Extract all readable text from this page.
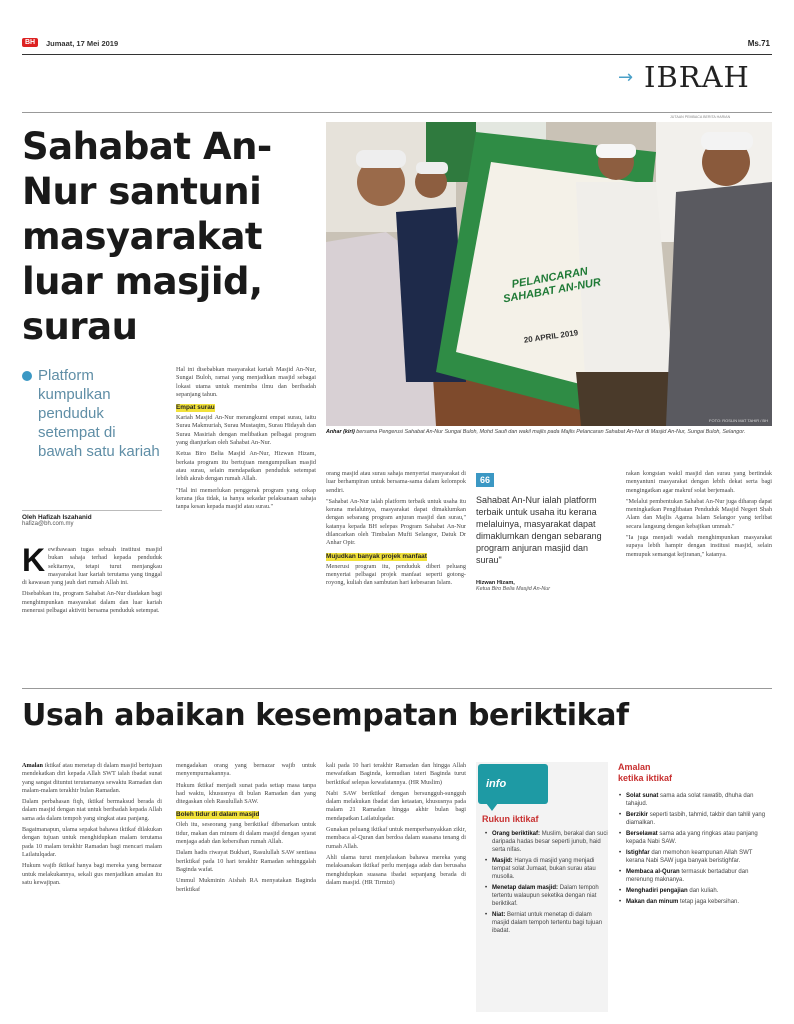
BH	Jumaat, 17 Mei 2019	Ms.71
→ IBRAH
JUTAAN PEMBACA BERITA HARIAN
Sahabat An-Nur santuni masyarakat luar masjid, surau
Platform kumpulkan penduduk setempat di bawah satu kariah
Oleh Hafizah Iszahanid
hafiza@bh.com.my
K ewibawaan tugas sebuah institusi masjid bukan sahaja terhad kepada penduduk sekitarnya, tetapi turut menjangkau masyarakat luar kariah terutama yang tinggal di kawasan yang jauh dari rumah Allah ini.

Disebabkan itu, program Sahabat An-Nur diadakan bagi menghimpunkan masyarakat dalam dan luar kariah menerusi pelbagai aktiviti bersama penduduk setempat.

Hal ini disebabkan masyarakat kariah Masjid An-Nur, Sungai Buloh, ramai yang menjadikan masjid sebagai lokasi utama untuk menimba ilmu dan beribadah sepanjang tahun.

Empat surau

Kariah Masjid An-Nur merangkumi empat surau, iaitu Surau Makmuriah, Surau Mustaqim, Surau Hidayah dan Surau Masiriah dengan melibatkan pelbagai program yang dianjurkan oleh Sahabat An-Nur.

Ketua Biro Belia Masjid An-Nur, Hizwan Hizam, berkata program itu bertujuan mengumpulkan masjid atau surau, selain mendapatkan penduduk setempat lebih akrab dengan rumah Allah.

"Hal ini memerlukan penggerak program yang cekap kerana jika tidak, ia hanya sekadar pelaksanaan sahaja tanpa kesan kepada masjid atau surau."

PELANCARAN SAHABAT AN-NUR
20 APRIL 2019
FOTO: ROSLIN MAT TAHIR / BH
Anhar (kiri) bersama Pengerusi Sahabat An-Nur Sungai Buloh, Mohd Saufi dan wakil majlis pada Majlis Pelancaran Sahabat An-Nur di Masjid An-Nur, Sungai Buloh, Selangor.

orang masjid atau surau sahaja menyertai masyarakat di luar berhampiran untuk bersama-sama dalam kelompok sendiri.

"Sahabat An-Nur ialah platform terbaik untuk usaha itu kerana melaluinya, masyarakat dapat dimaklumkan dengan sebarang program anjuran masjid dan surau," katanya kepada BH selepas Program Sahabat An-Nur dilancarkan oleh Timbalan Mufti Selangor, Datuk Dr Anhar Opir.

Mujudkan banyak projek manfaat

Menerusi program itu, penduduk diberi peluang menyertai pelbagai projek manfaat seperti gotong-royong, kuliah dan sambutan hari kebesaran Islam.

66
Sahabat An-Nur ialah platform terbaik untuk usaha itu kerana melaluinya, masyarakat dapat dimaklumkan dengan sebarang program anjuran masjid dan surau"
Hizwan Hizam,
Ketua Biro Belia Masjid An-Nur

rakan kongsian wakil masjid dan surau yang bertindak menyantuni masyarakat dengan lebih dekat serta bagi mengingatkan agar makruf solat berjemaah.

"Melalui pembentukan Sahabat An-Nur juga diharap dapat meningkatkan Penglibatan Penduduk Masjid Negeri Shah Alam dan Majlis Agama Islam Selangor yang terlibat secara langsung dengan kebajikan ummah."

"Ia juga menjadi wadah menghimpunkan masyarakat supaya lebih hampir dengan institusi masjid, selain memupuk semangat kejiranan," katanya.

Usah abaikan kesempatan beriktikaf

Amalan iktikaf atau menetap di dalam masjid bertujuan mendekatkan diri kepada Allah SWT ialah ibadat sunat yang sangat dituntut terutamanya sewaktu Ramadan dan malam-malam terakhir bulan Ramadan.

Dalam perbahasan fiqh, iktikaf bermaksud berada di dalam masjid dengan niat untuk beribadah kepada Allah sama ada dalam tempoh yang singkat atau panjang.

Bagaimanapun, ulama sepakat bahawa iktikaf dilakukan dengan tujuan untuk menghidupkan malam terutama pada 10 malam terakhir Ramadan bagi mencari malam Lailatulqadar.

Hukum wajib iktikaf hanya bagi mereka yang bernazar untuk melakukannya, sekali gus menjadikan amalan itu satu kewajipan.

mengadakan orang yang bernazar wajib untuk menyempurnakannya.

Hukum iktikaf menjadi sunat pada setiap masa tanpa had waktu, khususnya di bulan Ramadan dan yang ditegaskan oleh Rasulullah SAW.

Boleh tidur di dalam masjid

Oleh itu, seseorang yang beriktikaf dibenarkan untuk tidur, makan dan minum di dalam masjid dengan syarat menjaga adab dan kebersihan rumah Allah.

Dalam hadis riwayat Bukhari, Rasulullah SAW sentiasa beriktikaf pada 10 hari terakhir Ramadan sehinggalah Baginda wafat.

Ummul Mukminin Aishah RA menyatakan Baginda beriktikaf

kali pada 10 hari terakhir Ramadan dan hingga Allah mewafatkan Baginda, kemudian isteri Baginda turut beriktikaf selepas kewafatannya. (HR Muslim)

Nabi SAW beriktikaf dengan bersungguh-sungguh dalam melakukan ibadat dan ketaatan, khususnya pada malam 21 Ramadan hingga akhir bulan bagi mendapatkan Lailatulqadar.

Gunakan peluang iktikaf untuk memperbanyakkan zikir, membaca al-Quran dan berdoa dalam suasana tenang di rumah Allah.

Ahli ulama turut menjelaskan bahawa mereka yang melaksanakan iktikaf perlu menjaga adab dan berusaha menghidupkan suasana ibadat sepanjang berada di dalam masjid. (HR Tirmizi)

info
Rukun iktikaf
• Orang beriktikaf: Muslim, berakal dan suci daripada hadas besar seperti junub, haid serta nifas.
• Masjid: Hanya di masjid yang menjadi tempat solat Jumaat, bukan surau atau musolla.
• Menetap dalam masjid: Dalam tempoh tertentu walaupun seketika dengan niat beriktikaf.
• Niat: Berniat untuk menetap di dalam masjid dalam tempoh tertentu bagi tujuan ibadat.
Amalan
ketika iktikaf
• Solat sunat sama ada solat rawatib, dhuha dan tahajud.
• Berzikir seperti tasbih, tahmid, takbir dan tahlil yang diamalkan.
• Berselawat sama ada yang ringkas atau panjang kepada Nabi SAW.
• Istighfar dan memohon keampunan Allah SWT kerana Nabi SAW juga banyak beristighfar.
• Membaca al-Quran termasuk bertadabur dan merenung maknanya.
• Menghadiri pengajian dan kuliah.
• Makan dan minum tetap jaga kebersihan.
